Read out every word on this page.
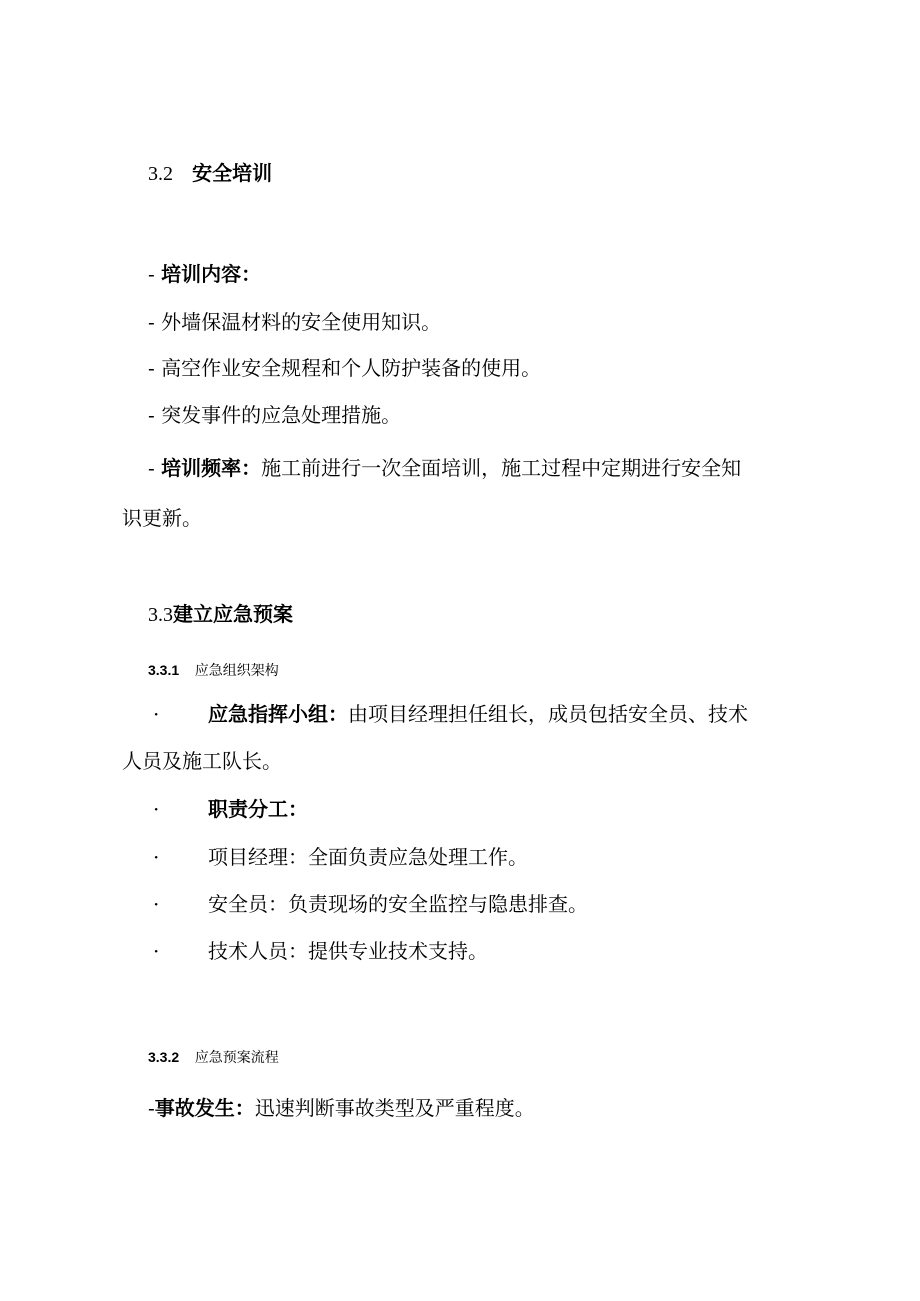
3.2 安全培训
- 培训内容：
- 外墙保温材料的安全使用知识。
- 高空作业安全规程和个人防护装备的使用。
- 突发事件的应急处理措施。
- 培训频率：施工前进行一次全面培训，施工过程中定期进行安全知
识更新。
3.3建立应急预案
3.3.1 应急组织架构
· 应急指挥小组：由项目经理担任组长，成员包括安全员、技术
人员及施工队长。
· 职责分工：
· 项目经理：全面负责应急处理工作。
· 安全员：负责现场的安全监控与隐患排查。
· 技术人员：提供专业技术支持。
3.3.2 应急预案流程
-事故发生：迅速判断事故类型及严重程度。
